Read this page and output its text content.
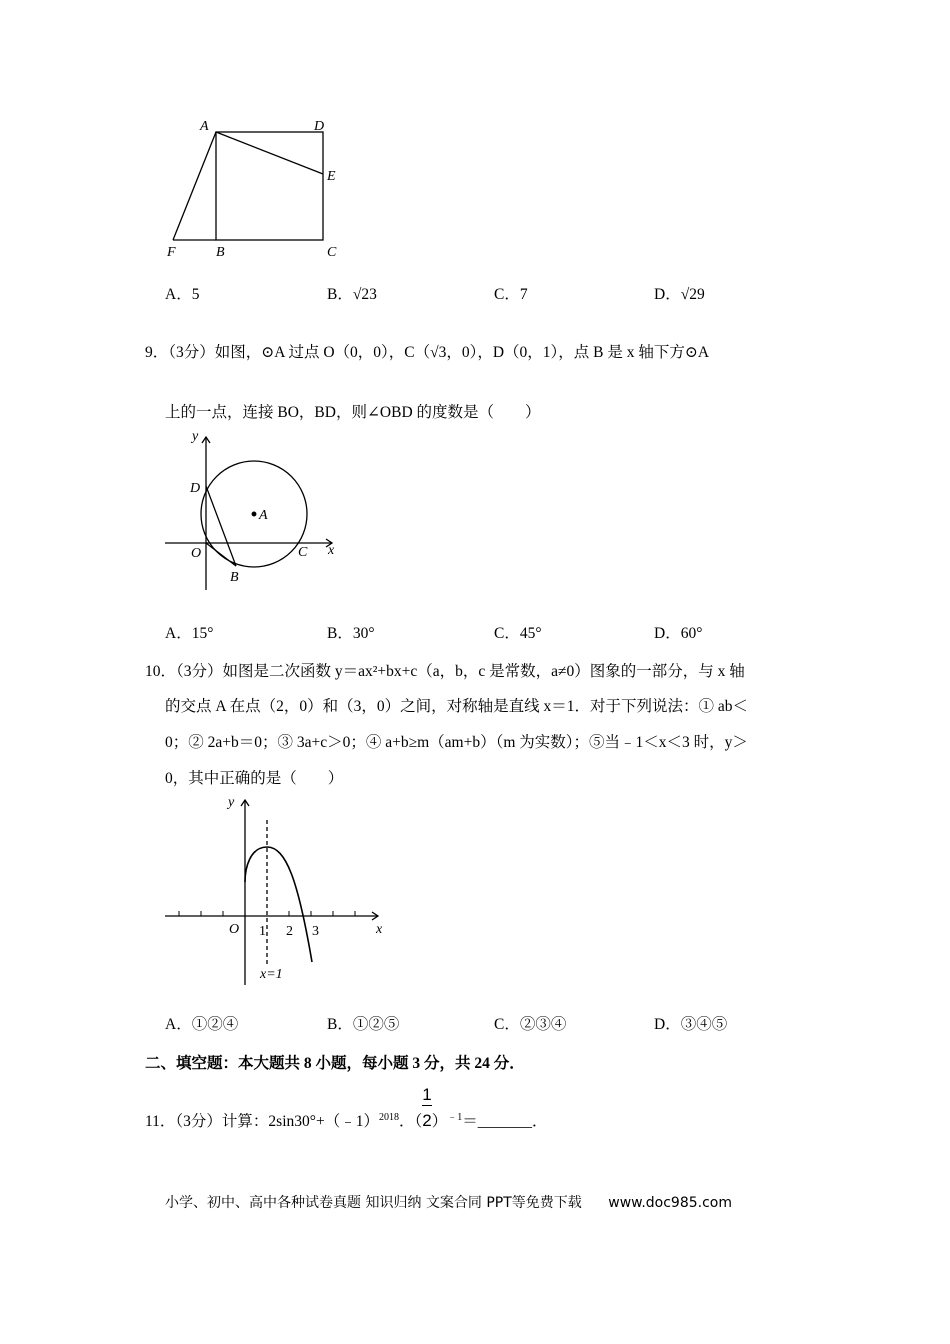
A	D
E
F	B	C
y
D
A
O	C x
B
y
O 1 2 3	x
x=1
A．5	B．√23	C．7	D．√29
9．（3分）如图，⊙A 过点 O（0，0），C（√3，0），D（0，1），点 B 是 x 轴下方⊙A
上的一点，连接 BO，BD，则∠OBD 的度数是（　　）
A．15°	B．30°	C．45°	D．60°
10．（3分）如图是二次函数 y＝ax²+bx+c（a，b，c 是常数，a≠0）图象的一部分，与 x 轴
的交点 A 在点（2，0）和（3，0）之间，对称轴是直线 x＝1．对于下列说法：① ab＜
0；② 2a+b＝0；③ 3a+c＞0；④ a+b≥m（am+b）（m 为实数）；⑤当﹣1＜x＜3 时，y＞
0，其中正确的是（　　）
A．①②④	B．①②⑤	C．②③④	D．③④⑤
二、填空题：本大题共 8 小题，每小题 3 分，共 24 分．
11．（3分）计算：2sin30°+（﹣1）$^{2018}$．（ $\frac{1}{2})^{﹣1}=\_\_\_\_\_\_\_$．
小学、初中、高中各种试卷真题 知识归纳 文案合同 PPT等免费下载 www.doc985.com
